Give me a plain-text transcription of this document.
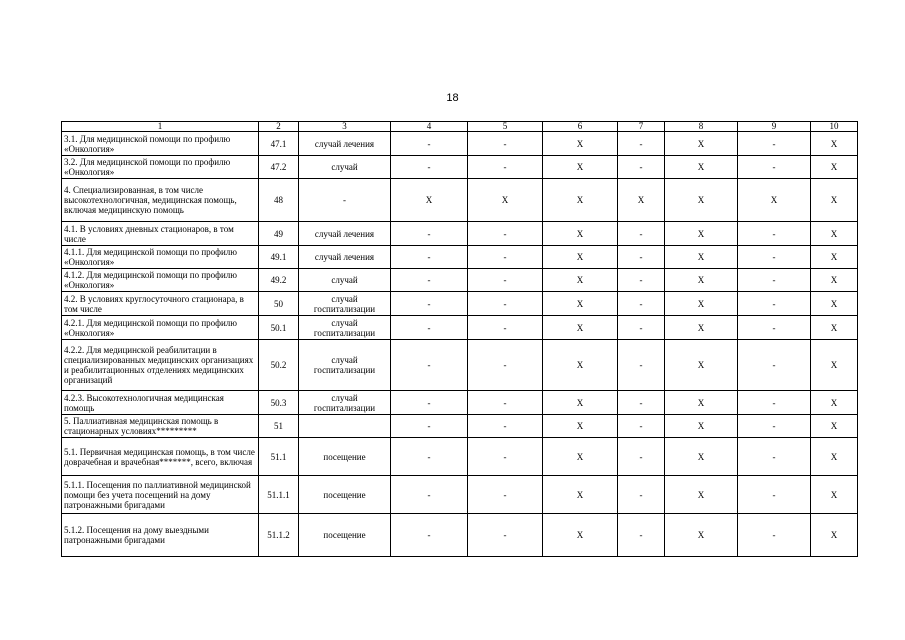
18
1	2	3	4	5	6	7	8	9	10
3.1. Для медицинской помощи по профилю «Онкология»	47.1	случай лечения	-	-	Х	-	Х	-	Х
3.2. Для медицинской помощи по профилю «Онкология»	47.2	случай	-	-	Х	-	Х	-	Х
4. Специализированная, в том числе высокотехнологичная, медицинская помощь, включая медицинскую помощь	48	-	Х	Х	Х	Х	Х	Х	Х
4.1. В условиях дневных стационаров, в том числе	49	случай лечения	-	-	Х	-	Х	-	Х
4.1.1. Для медицинской помощи по профилю «Онкология»	49.1	случай лечения	-	-	Х	-	Х	-	Х
4.1.2. Для медицинской помощи по профилю «Онкология»	49.2	случай	-	-	Х	-	Х	-	Х
4.2. В условиях круглосуточного стационара, в том числе	50	случай госпитализации	-	-	Х	-	Х	-	Х
4.2.1. Для медицинской помощи по профилю «Онкология»	50.1	случай госпитализации	-	-	Х	-	Х	-	Х
4.2.2. Для медицинской реабилитации в специализированных медицинских организациях и реабилитационных отделениях медицинских организаций	50.2	случай госпитализации	-	-	Х	-	Х	-	Х
4.2.3. Высокотехнологичная медицинская помощь	50.3	случай госпитализации	-	-	Х	-	Х	-	Х
5. Паллиативная медицинская помощь в стационарных условиях*********	51		-	-	Х	-	Х	-	Х
5.1. Первичная медицинская помощь, в том числе доврачебная и врачебная*******, всего, включая	51.1	посещение	-	-	Х	-	Х	-	Х
5.1.1. Посещения по паллиативной медицинской помощи без учета посещений на дому патронажными бригадами	51.1.1	посещение	-	-	Х	-	Х	-	Х
5.1.2. Посещения на дому выездными патронажными бригадами	51.1.2	посещение	-	-	Х	-	Х	-	Х
